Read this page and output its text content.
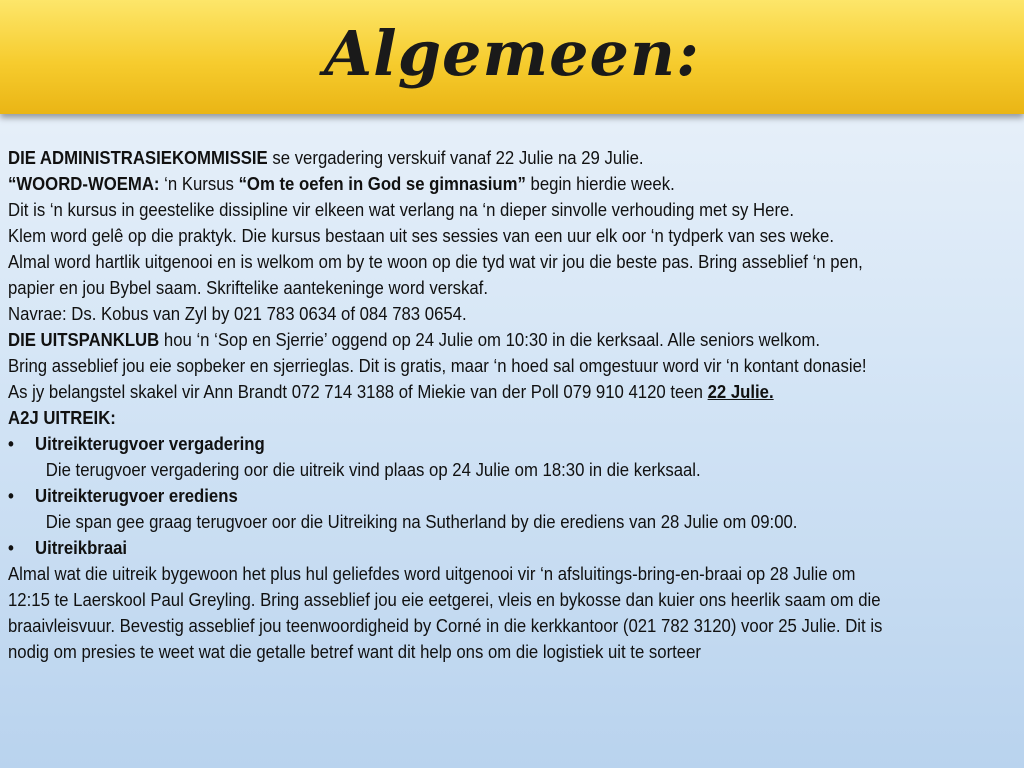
Algemeen:
DIE ADMINISTRASIEKOMMISSIE se vergadering verskuif vanaf 22 Julie na 29 Julie.
“WOORD-WOEMA: ‘n Kursus “Om te oefen in God se gimnasium” begin hierdie week.
Dit is ‘n kursus in geestelike dissipline vir elkeen wat verlang na ‘n dieper sinvolle verhouding met sy Here.
Klem word gelê op die praktyk. Die kursus bestaan uit ses sessies van een uur elk oor ‘n tydperk van ses weke.
Almal word hartlik uitgenooi en is welkom om by te woon op die tyd wat vir jou die beste pas. Bring asseblief ‘n pen,
papier en jou Bybel saam. Skriftelike aantekeninge word verskaf.
Navrae: Ds. Kobus van Zyl by 021 783 0634 of 084 783 0654.
DIE UITSPANKLUB hou ‘n ‘Sop en Sjerrie’ oggend op 24 Julie om 10:30 in die kerksaal. Alle seniors welkom.
Bring asseblief jou eie sopbeker en sjerrieglas. Dit is gratis, maar ‘n hoed sal omgestuur word vir ‘n kontant donasie!
As jy belangstel skakel vir Ann Brandt 072 714 3188 of Miekie van der Poll 079 910 4120 teen 22 Julie.
A2J UITREIK:
• Uitreikterugvoer vergadering
Die terugvoer vergadering oor die uitreik vind plaas op 24 Julie om 18:30 in die kerksaal.
• Uitreikterugvoer erediens
Die span gee graag terugvoer oor die Uitreiking na Sutherland by die erediens van 28 Julie om 09:00.
• Uitreikbraai
Almal wat die uitreik bygewoon het plus hul geliefdes word uitgenooi vir ‘n afsluitings-bring-en-braai op 28 Julie om
12:15 te Laerskool Paul Greyling. Bring asseblief jou eie eetgerei, vleis en bykosse dan kuier ons heerlik saam om die
braaivleisvuur. Bevestig asseblief jou teenwoordigheid by Corné in die kerkkantoor (021 782 3120) voor 25 Julie. Dit is
nodig om presies te weet wat die getalle betref want dit help ons om die logistiek uit te sorteer
